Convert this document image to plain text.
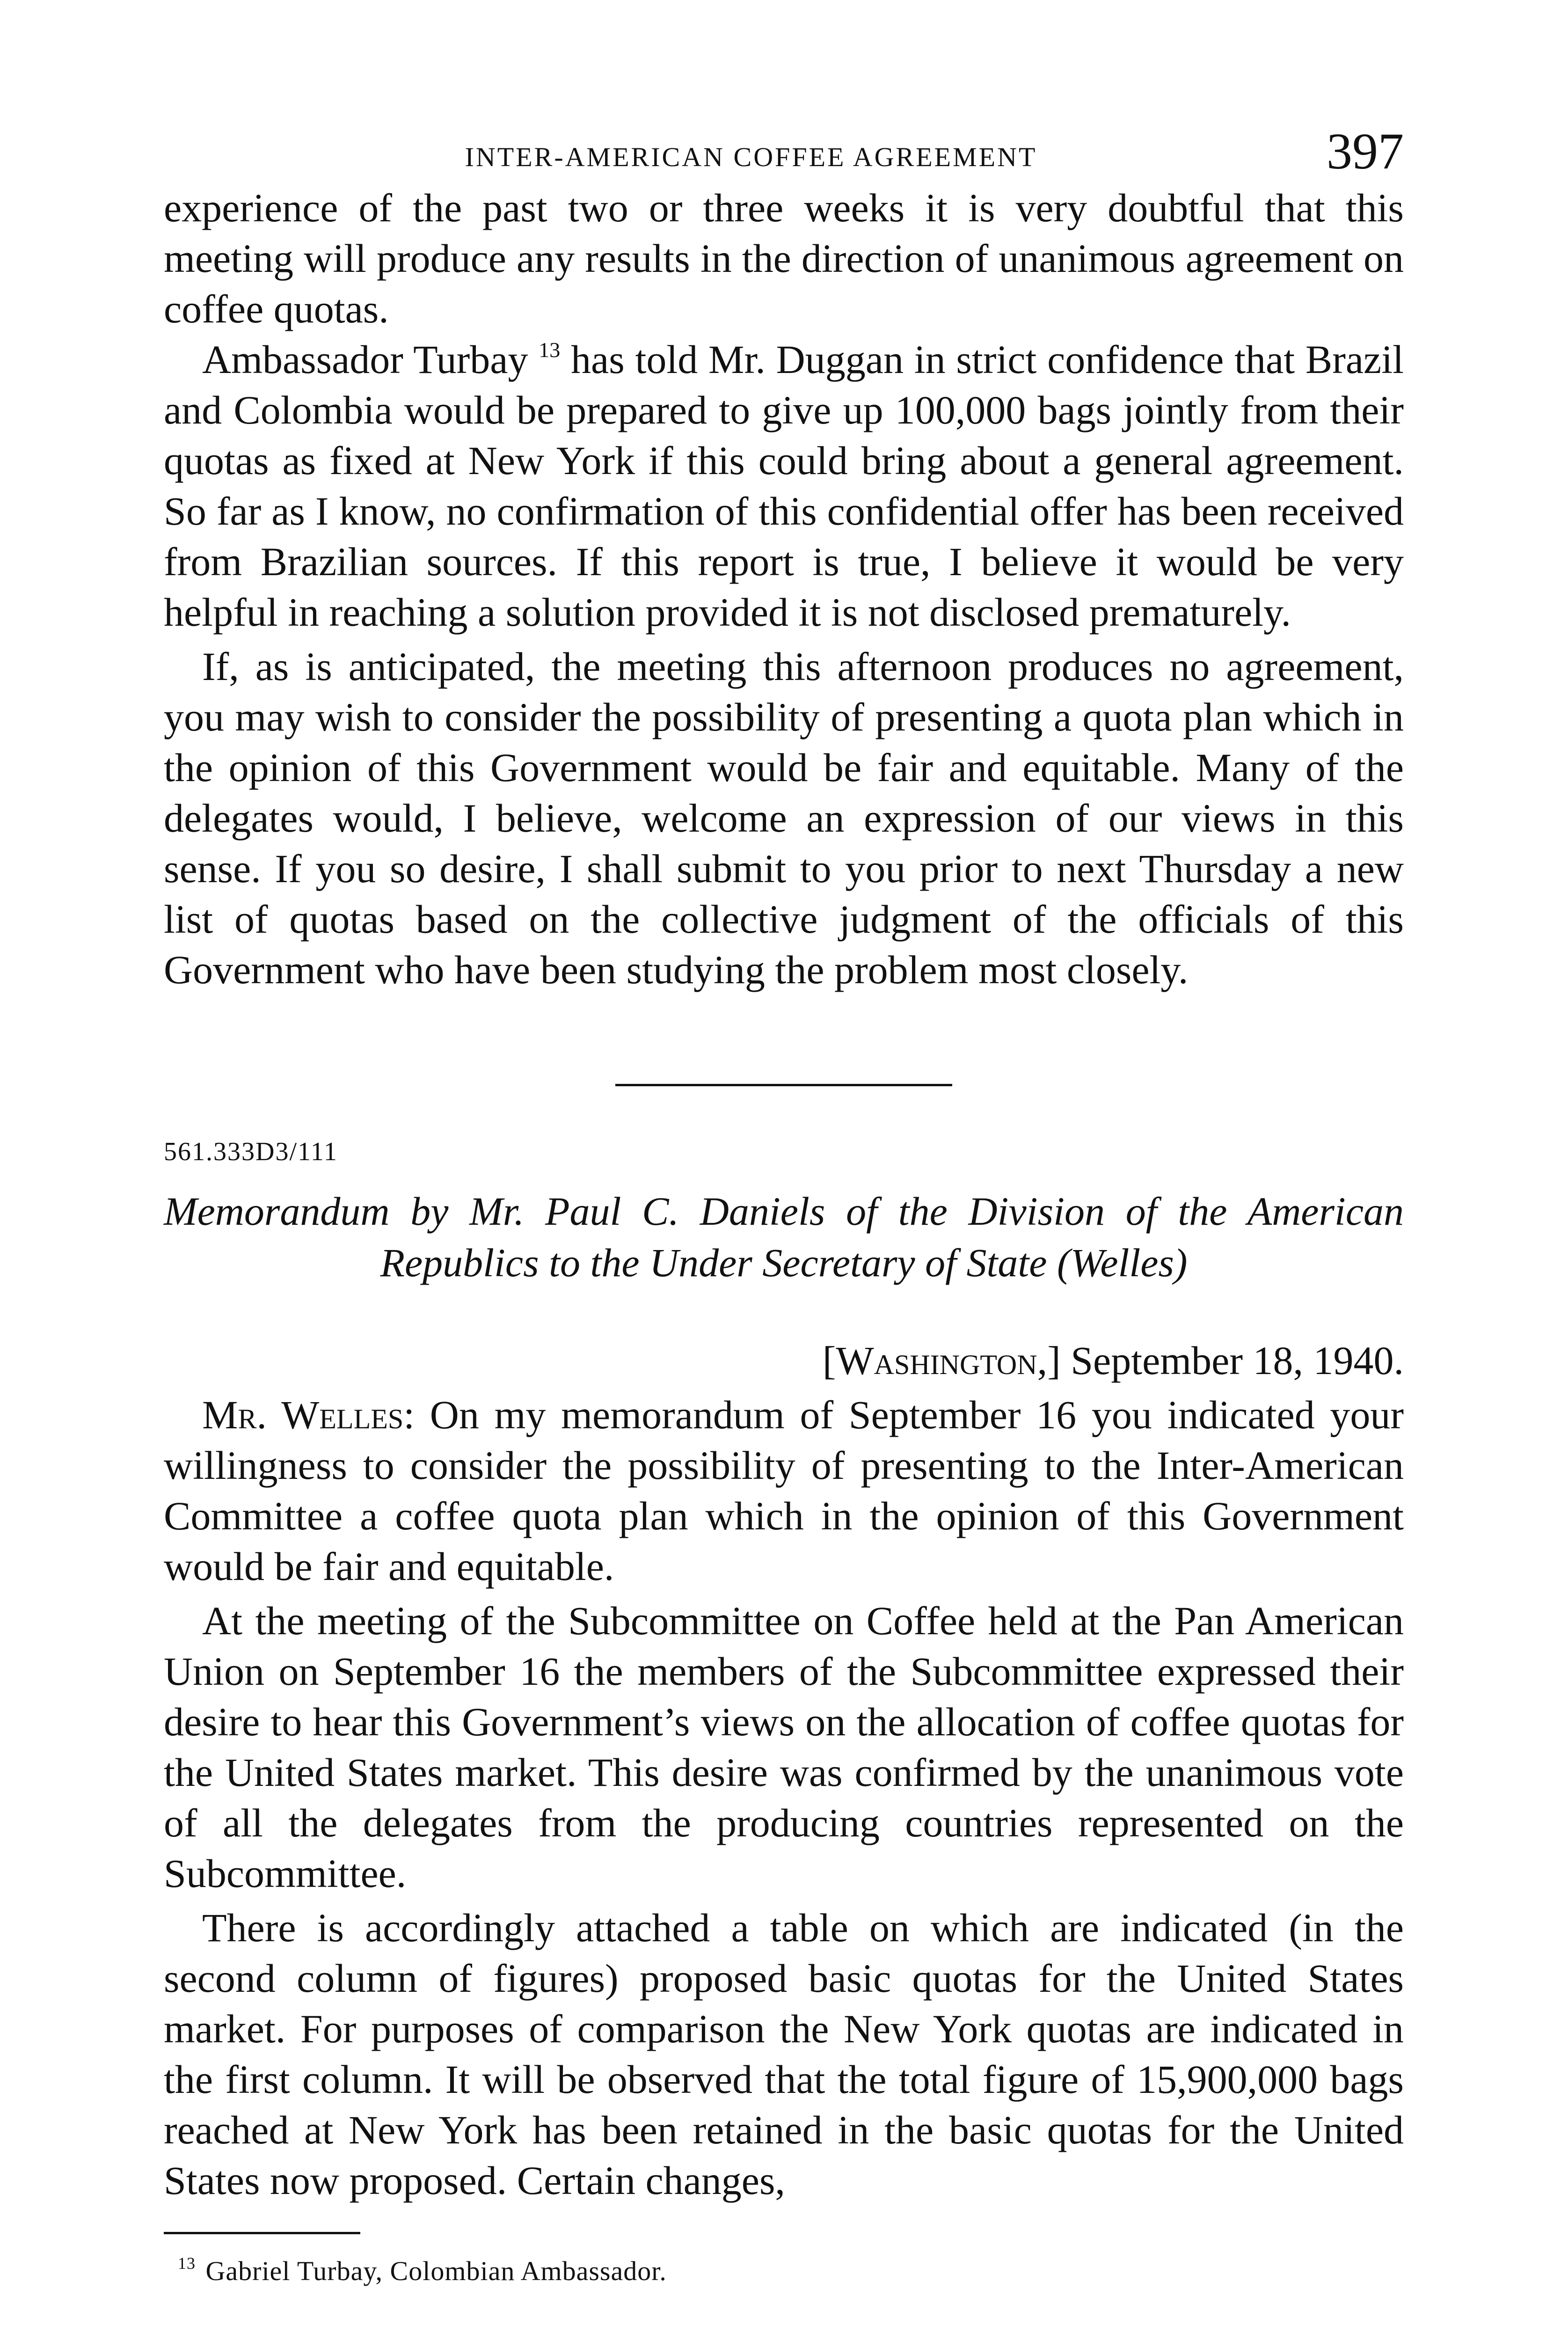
INTER-AMERICAN COFFEE AGREEMENT	397

experience of the past two or three weeks it is very doubtful that this meeting will produce any results in the direction of unanimous agreement on coffee quotas.

Ambassador Turbay $^{13}$ has told Mr. Duggan in strict confidence that Brazil and Colombia would be prepared to give up 100,000 bags jointly from their quotas as fixed at New York if this could bring about a general agreement. So far as I know, no confirmation of this confidential offer has been received from Brazilian sources. If this report is true, I believe it would be very helpful in reaching a solution provided it is not disclosed prematurely.

If, as is anticipated, the meeting this afternoon produces no agreement, you may wish to consider the possibility of presenting a quota plan which in the opinion of this Government would be fair and equitable. Many of the delegates would, I believe, welcome an expression of our views in this sense. If you so desire, I shall submit to you prior to next Thursday a new list of quotas based on the collective judgment of the officials of this Government who have been studying the problem most closely.

561.333D3/111
Memorandum by Mr. Paul C. Daniels of the Division of the American
Republics to the Under Secretary of State (Welles)
[Washington,] September 18, 1940.

Mr. Welles: On my memorandum of September 16 you indicated your willingness to consider the possibility of presenting to the Inter-American Committee a coffee quota plan which in the opinion of this Government would be fair and equitable.

At the meeting of the Subcommittee on Coffee held at the Pan American Union on September 16 the members of the Subcommittee expressed their desire to hear this Government’s views on the allocation of coffee quotas for the United States market. This desire was confirmed by the unanimous vote of all the delegates from the producing countries represented on the Subcommittee.

There is accordingly attached a table on which are indicated (in the second column of figures) proposed basic quotas for the United States market. For purposes of comparison the New York quotas are indicated in the first column. It will be observed that the total figure of 15,900,000 bags reached at New York has been retained in the basic quotas for the United States now proposed. Certain changes,

$^{13}$ Gabriel Turbay, Colombian Ambassador.
